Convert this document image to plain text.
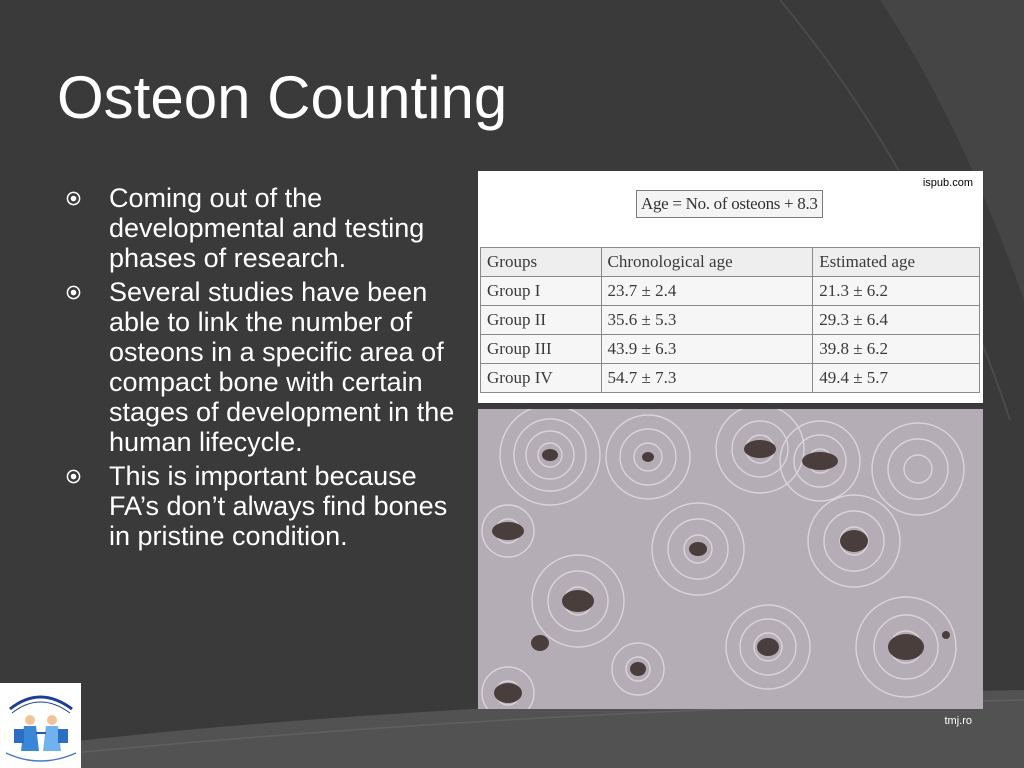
Osteon Counting
Coming out of the developmental and testing phases of research.
Several studies have been able to link the number of osteons in a specific area of compact bone with certain stages of development in the human lifecycle.
This is important because FA’s don’t always find bones in pristine condition.
ispub.com
Age = No. of osteons + 8.3
Groups	Chronological age	Estimated age
Group I	23.7 ± 2.4	21.3 ± 6.2
Group II	35.6 ± 5.3	29.3 ± 6.4
Group III	43.9 ± 6.3	39.8 ± 6.2
Group IV	54.7 ± 7.3	49.4 ± 5.7
tmj.ro
